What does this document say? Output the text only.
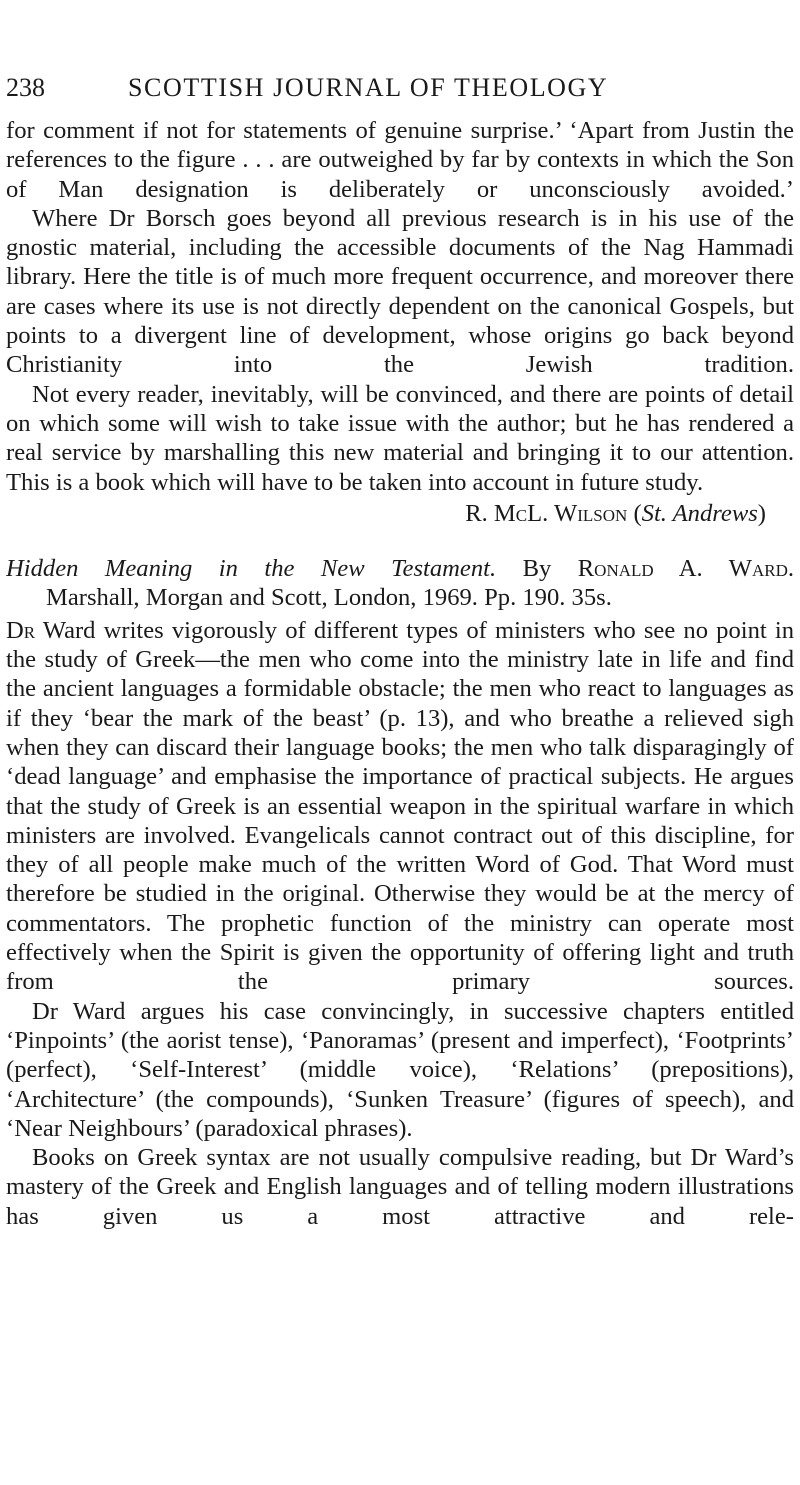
238	SCOTTISH JOURNAL OF THEOLOGY

for comment if not for statements of genuine surprise.’ ‘Apart from Justin the references to the figure . . . are outweighed by far by contexts in which the Son of Man designation is deliberately or unconsciously avoided.’

Where Dr Borsch goes beyond all previous research is in his use of the gnostic material, including the accessible documents of the Nag Hammadi library. Here the title is of much more frequent occurrence, and moreover there are cases where its use is not directly dependent on the canonical Gospels, but points to a divergent line of development, whose origins go back beyond Christianity into the Jewish tradition.

Not every reader, inevitably, will be convinced, and there are points of detail on which some will wish to take issue with the author; but he has rendered a real service by marshalling this new material and bringing it to our attention. This is a book which will have to be taken into account in future study.

R. McL. Wilson (St. Andrews)
Hidden Meaning in the New Testament. By Ronald A. Ward.
Marshall, Morgan and Scott, London, 1969. Pp. 190. 35s.

Dr Ward writes vigorously of different types of ministers who see no point in the study of Greek—the men who come into the ministry late in life and find the ancient languages a formidable obstacle; the men who react to languages as if they ‘bear the mark of the beast’ (p. 13), and who breathe a relieved sigh when they can discard their language books; the men who talk disparagingly of ‘dead language’ and emphasise the importance of practical subjects. He argues that the study of Greek is an essential weapon in the spiritual warfare in which ministers are involved. Evangelicals cannot contract out of this discipline, for they of all people make much of the written Word of God. That Word must therefore be studied in the original. Otherwise they would be at the mercy of commentators. The prophetic function of the ministry can operate most effectively when the Spirit is given the opportunity of offering light and truth from the primary sources.

Dr Ward argues his case convincingly, in successive chapters entitled ‘Pinpoints’ (the aorist tense), ‘Panoramas’ (present and imperfect), ‘Footprints’ (perfect), ‘Self-Interest’ (middle voice), ‘Relations’ (prepositions), ‘Architecture’ (the compounds), ‘Sunken Treasure’ (figures of speech), and ‘Near Neighbours’ (paradoxical phrases).

Books on Greek syntax are not usually compulsive reading, but Dr Ward’s mastery of the Greek and English languages and of telling modern illustrations has given us a most attractive and rele-
